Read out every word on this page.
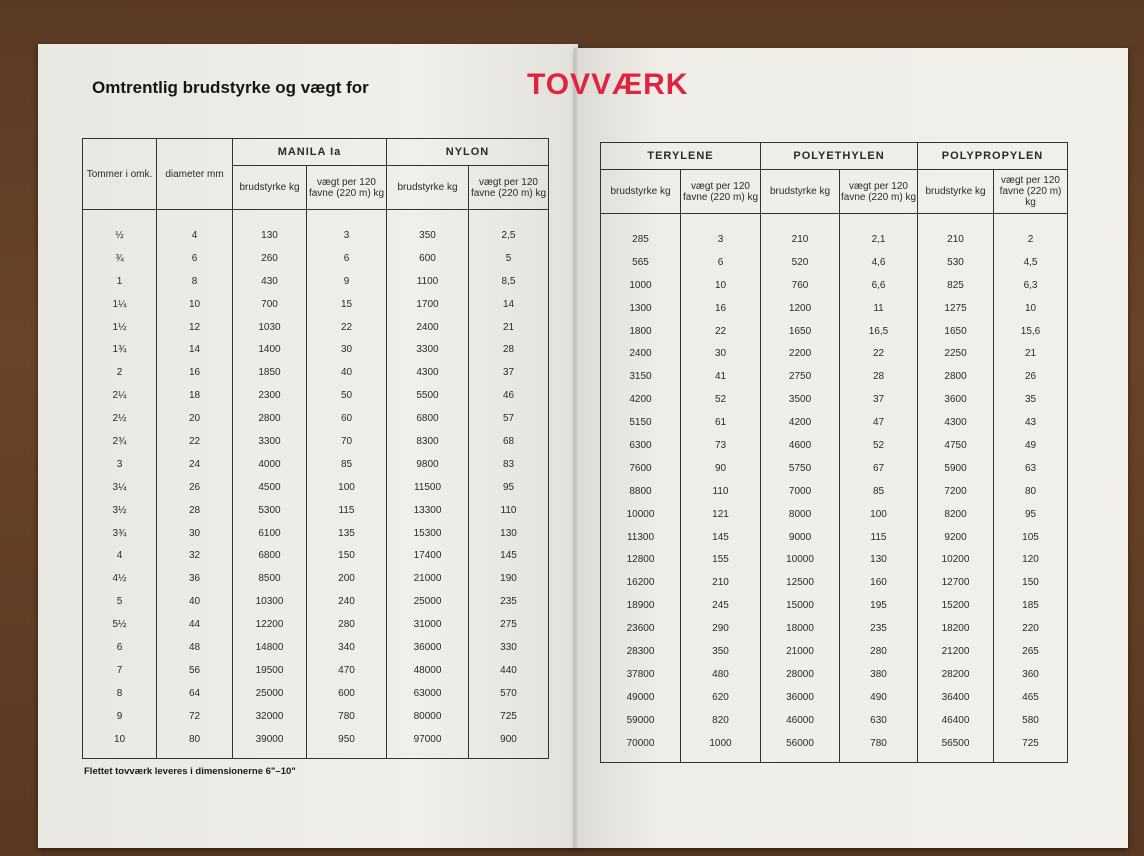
Omtrentlig brudstyrke og vægt for	TOVVÆRK
Tommer i omk.	diameter mm	MANILA Ia		NYLON	
		brudstyrke kg	vægt per 120 favne (220 m) kg	brudstyrke kg	vægt per 120 favne (220 m) kg
½	4	130	3	350	2,5
¾	6	260	6	600	5
1	8	430	9	1100	8,5
1¼	10	700	15	1700	14
1½	12	1030	22	2400	21
1¾	14	1400	30	3300	28
2	16	1850	40	4300	37
2¼	18	2300	50	5500	46
2½	20	2800	60	6800	57
2¾	22	3300	70	8300	68
3	24	4000	85	9800	83
3¼	26	4500	100	11500	95
3½	28	5300	115	13300	110
3¾	30	6100	135	15300	130
4	32	6800	150	17400	145
4½	36	8500	200	21000	190
5	40	10300	240	25000	235
5½	44	12200	280	31000	275
6	48	14800	340	36000	330
7	56	19500	470	48000	440
8	64	25000	600	63000	570
9	72	32000	780	80000	725
10	80	39000	950	97000	900
TERYLENE		POLYETHYLEN		POLYPROPYLEN	
brudstyrke kg	vægt per 120 favne (220 m) kg	brudstyrke kg	vægt per 120 favne (220 m) kg	brudstyrke kg	vægt per 120 favne (220 m) kg
285	3	210	2,1	210	2
565	6	520	4,6	530	4,5
1000	10	760	6,6	825	6,3
1300	16	1200	11	1275	10
1800	22	1650	16,5	1650	15,6
2400	30	2200	22	2250	21
3150	41	2750	28	2800	26
4200	52	3500	37	3600	35
5150	61	4200	47	4300	43
6300	73	4600	52	4750	49
7600	90	5750	67	5900	63
8800	110	7000	85	7200	80
10000	121	8000	100	8200	95
11300	145	9000	115	9200	105
12800	155	10000	130	10200	120
16200	210	12500	160	12700	150
18900	245	15000	195	15200	185
23600	290	18000	235	18200	220
28300	350	21000	280	21200	265
37800	480	28000	380	28200	360
49000	620	36000	490	36400	465
59000	820	46000	630	46400	580
70000	1000	56000	780	56500	725
Flettet tovværk leveres i dimensionerne 6"–10"
